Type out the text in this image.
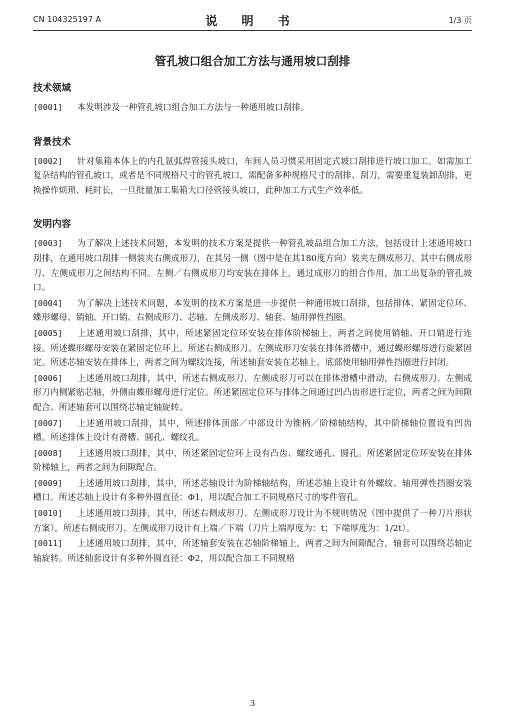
CN 104325197 A	说 明 书	1/3 页
管孔坡口组合加工方法与通用坡口刮排

技术领域

[0001] 本发明涉及一种管孔坡口组合加工方法与一种通用坡口刮排。

背景技术

[0002] 针对集箱本体上的内孔氩弧焊管接头坡口，车间人员习惯采用固定式坡口刮排进行坡口加工。如需加工复杂结构的管孔坡口，或者是不同规格尺寸的管孔坡口，需配备多种规格尺寸的刮排、刮刀，需要重复装卸刮排，更换操作烦琐、耗时长，一旦批量加工集箱大口径管接头坡口，此种加工方式生产效率低。

发明内容

[0003] 为了解决上述技术问题，本发明的技术方案是提供一种管孔坡品组合加工方法，包括设计上述通用坡口刮排，在通用坡口刮排一侧装夹右侧成形刀，在其另一侧（图中是在其180度方向）装夹左侧成形刀，其中右侧成形刀、左侧成形刀之间结构不同。左侧／右侧成形刀均安装在排体上，通过成形刀的组合作用，加工出复杂的管孔坡口。

[0004] 为了解决上述技术问题，本发明的技术方案是进一步提供一种通用坡口刮排，包括排体、紧固定位环、蝶形螺母、销轴、开口销、右侧成形刀、芯轴、左侧成形刀、轴套、轴用弹性挡圈。

[0005] 上述通用坡口刮排，其中，所述紧固定位环安装在排体阶梯轴上，两者之间使用销轴、开口销进行连接。所述蝶形螺母安装在紧固定位环上。所述右侧成形刀、左侧成形刀安装在排体滑槽中，通过蝶形螺母进行旋紧固定。所述芯轴安装在排体上，两者之间为螺纹连接，所述轴套安装在芯轴上，底部使用轴用弹性挡圈进行封闭。

[0006] 上述通用坡口刮排，其中，所述右侧成形刀、左侧成形刀可以在排体滑槽中滑动，右侧成形刀、左侧成形刀内侧紧贴芯轴，外侧由蝶形螺母进行定位。所述紧固定位环与排体之间通过凹凸齿形进行定位，两者之间为间隙配合。所述轴套可以围绕芯轴定轴旋转。

[0007] 上述通用坡口刮排，其中，所述排体顶部／中部设计为锥柄／阶梯轴结构，其中阶梯轴位置设有凹齿槽。所述排体上设计有滑槽、圆孔、螺纹孔。

[0008] 上述通用坡口刮排，其中，所述紧固定位环上设有凸齿、螺纹通孔、圆孔。所述紧固定位环安装在排体阶梯轴上，两者之间为间隙配合。

[0009] 上述通用坡口刮排，其中，所述芯轴设计为阶梯轴结构，所述芯轴上设计有外螺纹、轴用弹性挡圈安装槽口。所述芯轴上设计有多种外圆直径：Φ1，用以配合加工不同规格尺寸的零件管孔。

[0010] 上述通用坡口刮排，其中，所述右侧成形刀、左侧成形刀设计为不规则情况（图中提供了一种刀片形状方案）。所述右侧成形刀、左侧成形刀设计有上端／下端（刀片上端厚度为：t；下端厚度为：1/2t）。

[0011] 上述通用坡口刮排，其中，所述轴套安装在芯轴阶梯轴上，两者之间为间隙配合，轴套可以围绕芯轴定轴旋转。所述轴套设计有多种外圆直径：Φ2，用以配合加工不同规格

3
